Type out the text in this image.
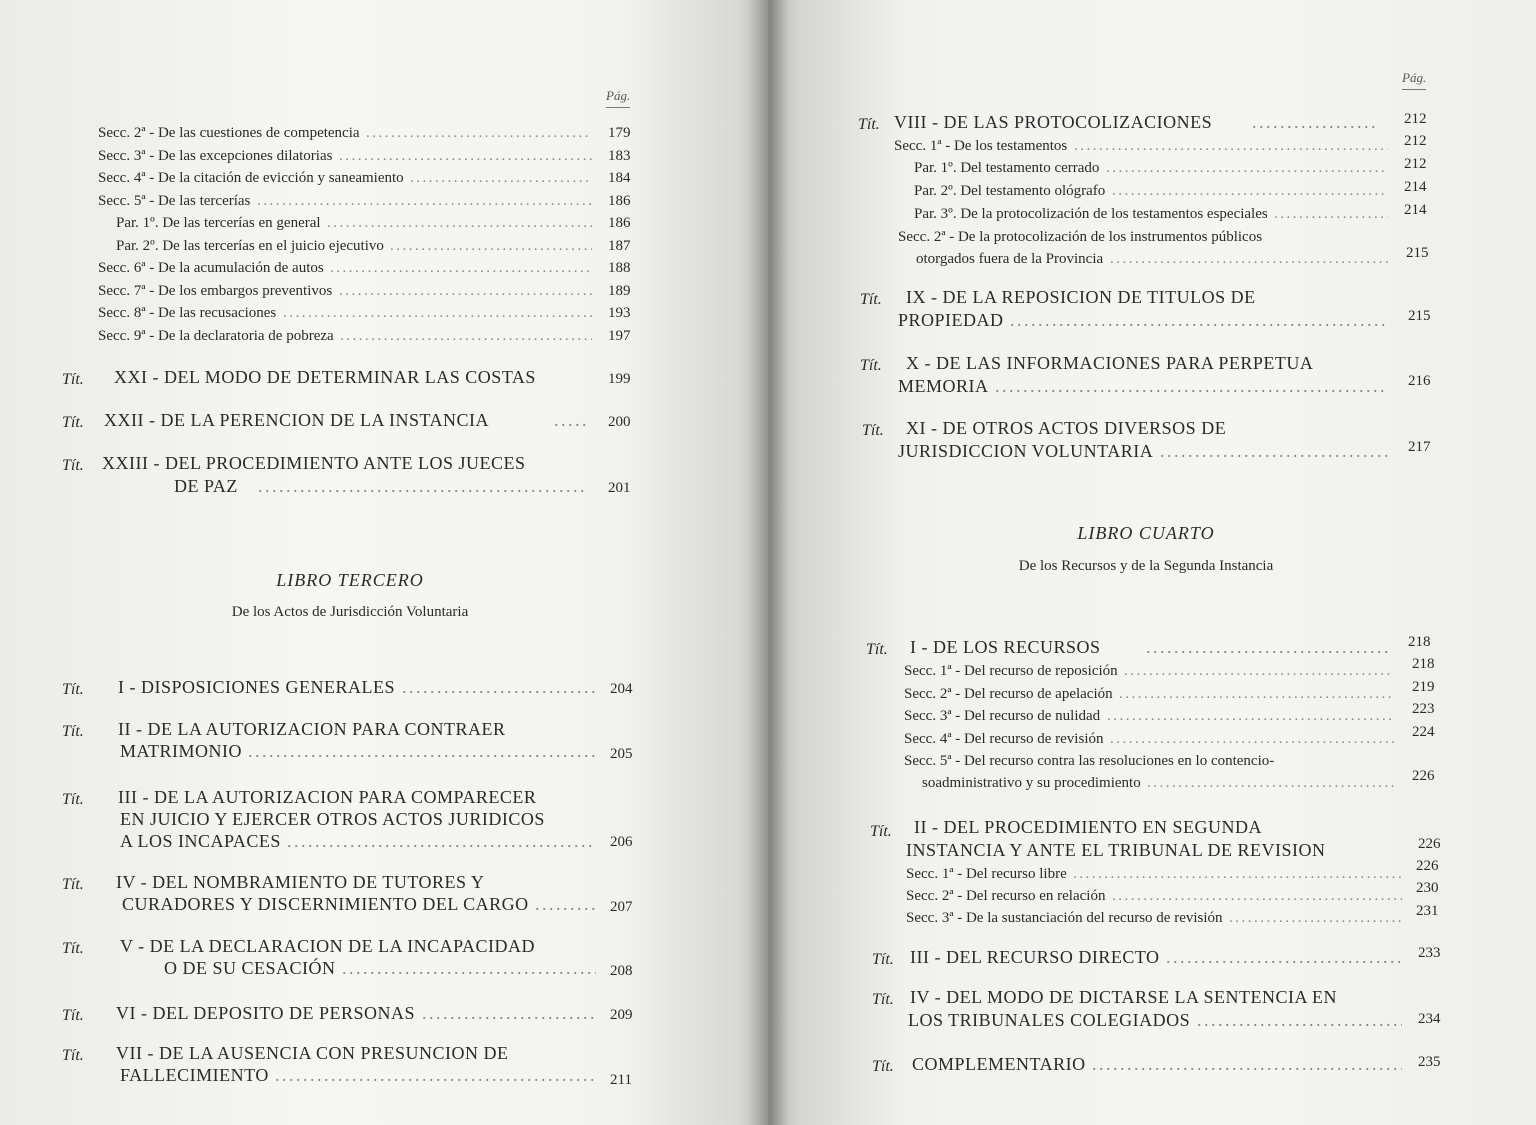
Pág.
Secc. 2ª - De las cuestiones de competencia .....	179
Secc. 3ª - De las excepciones dilatorias .....	183
Secc. 4ª - De la citación de evicción y saneamiento .....	184
Secc. 5ª - De las tercerías .....	186
Par. 1º. De las tercerías en general .....	186
Par. 2º. De las tercerías en el juicio ejecutivo .....	187
Secc. 6ª - De la acumulación de autos .....	188
Secc. 7ª - De los embargos preventivos .....	189
Secc. 8ª - De las recusaciones .....	193
Secc. 9ª - De la declaratoria de pobreza .....	197
Tít. XXI - DEL MODO DE DETERMINAR LAS COSTAS	199
Tít. XXII - DE LA PERENCION DE LA INSTANCIA .....	200
Tít. XXIII - DEL PROCEDIMIENTO ANTE LOS JUECES
DE PAZ .....	201
LIBRO TERCERO
De los Actos de Jurisdicción Voluntaria
Tít. I - DISPOSICIONES GENERALES .....	204
Tít. II - DE LA AUTORIZACION PARA CONTRAER
MATRIMONIO .....	205
Tít. III - DE LA AUTORIZACION PARA COMPARECER
EN JUICIO Y EJERCER OTROS ACTOS JURIDICOS
A LOS INCAPACES .....	206
Tít. IV - DEL NOMBRAMIENTO DE TUTORES Y
CURADORES Y DISCERNIMIENTO DEL CARGO .....	207
Tít. V - DE LA DECLARACION DE LA INCAPACIDAD
O DE SU CESACIÓN .....	208
Tít. VI - DEL DEPOSITO DE PERSONAS .....	209
Tít. VII - DE LA AUSENCIA CON PRESUNCION DE
FALLECIMIENTO .....	211
Pág.
Tít. VIII - DE LAS PROTOCOLIZACIONES .....	212
Secc. 1ª - De los testamentos .....	212
Par. 1º. Del testamento cerrado .....	212
Par. 2º. Del testamento ológrafo .....	214
Par. 3º. De la protocolización de los testamentos especiales .....	214
Secc. 2ª - De la protocolización de los instrumentos públicos
otorgados fuera de la Provincia .....	215
Tít. IX - DE LA REPOSICION DE TITULOS DE
PROPIEDAD .....	215
Tít. X - DE LAS INFORMACIONES PARA PERPETUA
MEMORIA .....	216
Tít. XI - DE OTROS ACTOS DIVERSOS DE
JURISDICCION VOLUNTARIA .....	217
LIBRO CUARTO
De los Recursos y de la Segunda Instancia
Tít. I - DE LOS RECURSOS .....	218
Secc. 1ª - Del recurso de reposición .....	218
Secc. 2ª - Del recurso de apelación .....	219
Secc. 3ª - Del recurso de nulidad .....	223
Secc. 4ª - Del recurso de revisión .....	224
Secc. 5ª - Del recurso contra las resoluciones en lo contencio-
soadministrativo y su procedimiento .....	226
Tít. II - DEL PROCEDIMIENTO EN SEGUNDA
INSTANCIA Y ANTE EL TRIBUNAL DE REVISION	226
Secc. 1ª - Del recurso libre .....	226
Secc. 2ª - Del recurso en relación .....	230
Secc. 3ª - De la sustanciación del recurso de revisión .....	231
Tít. III - DEL RECURSO DIRECTO .....	233
Tít. IV - DEL MODO DE DICTARSE LA SENTENCIA EN
LOS TRIBUNALES COLEGIADOS .....	234
Tít. COMPLEMENTARIO .....	235
